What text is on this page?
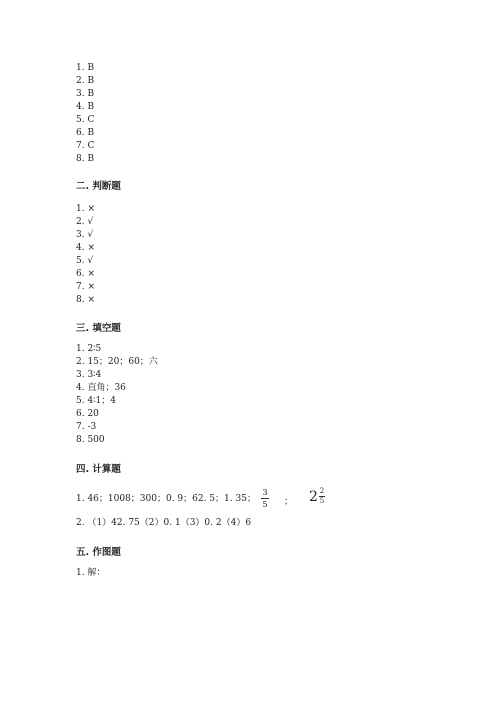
1. B
2. B
3. B
4. B
5. C
6. B
7. C
8. B
二. 判断题
1. ×
2. √
3. √
4. ×
5. √
6. ×
7. ×
8. ×
三. 填空题
1. 2∶5
2. 15；20；60；六
3. 3∶4
4. 直角；36
5. 4∶1；4
6. 20
7. -3
8. 500
四. 计算题
1. 46；1008；300；0. 9；62. 5；1. 35；
3
5 ； $2 \frac{2}{5}$
2. （1）42. 75（2）0. 1（3）0. 2（4）6
五. 作图题
1. 解：
